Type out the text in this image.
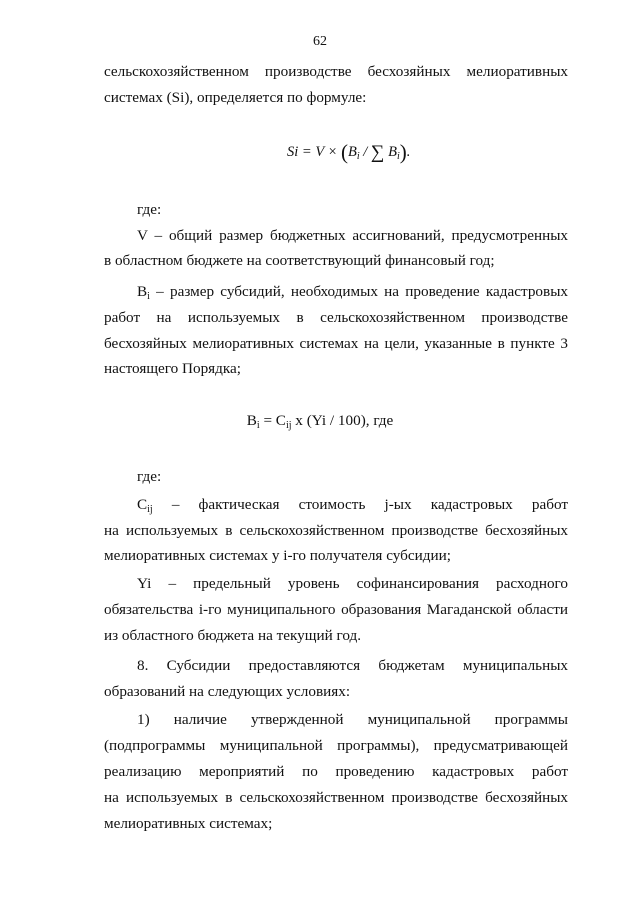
62
сельскохозяйственном производстве бесхозяйных мелиоративных
системах (Si), определяется по формуле:
$Si = V \times (B_i$ / ∑ $B_i$).
где:
V – общий размер бюджетных ассигнований, предусмотренных
в областном бюджете на соответствующий финансовый год;
$B_i$ – размер субсидий, необходимых на проведение кадастровых
работ на используемых в сельскохозяйственном производстве
бесхозяйных мелиоративных системах на цели, указанные в пункте 3
настоящего Порядка;
$B_i = C_{ij}$ x (Yi / 100), где
где:
$C_{ij}$ – фактическая стоимость j-ых кадастровых работ
на используемых в сельскохозяйственном производстве бесхозяйных
мелиоративных системах у i-го получателя субсидии;
Yi – предельный уровень софинансирования расходного
обязательства i-го муниципального образования Магаданской области
из областного бюджета на текущий год.
8. Субсидии предоставляются бюджетам муниципальных
образований на следующих условиях:
1) наличие утвержденной муниципальной программы
(подпрограммы муниципальной программы), предусматривающей
реализацию мероприятий по проведению кадастровых работ
на используемых в сельскохозяйственном производстве бесхозяйных
мелиоративных системах;
